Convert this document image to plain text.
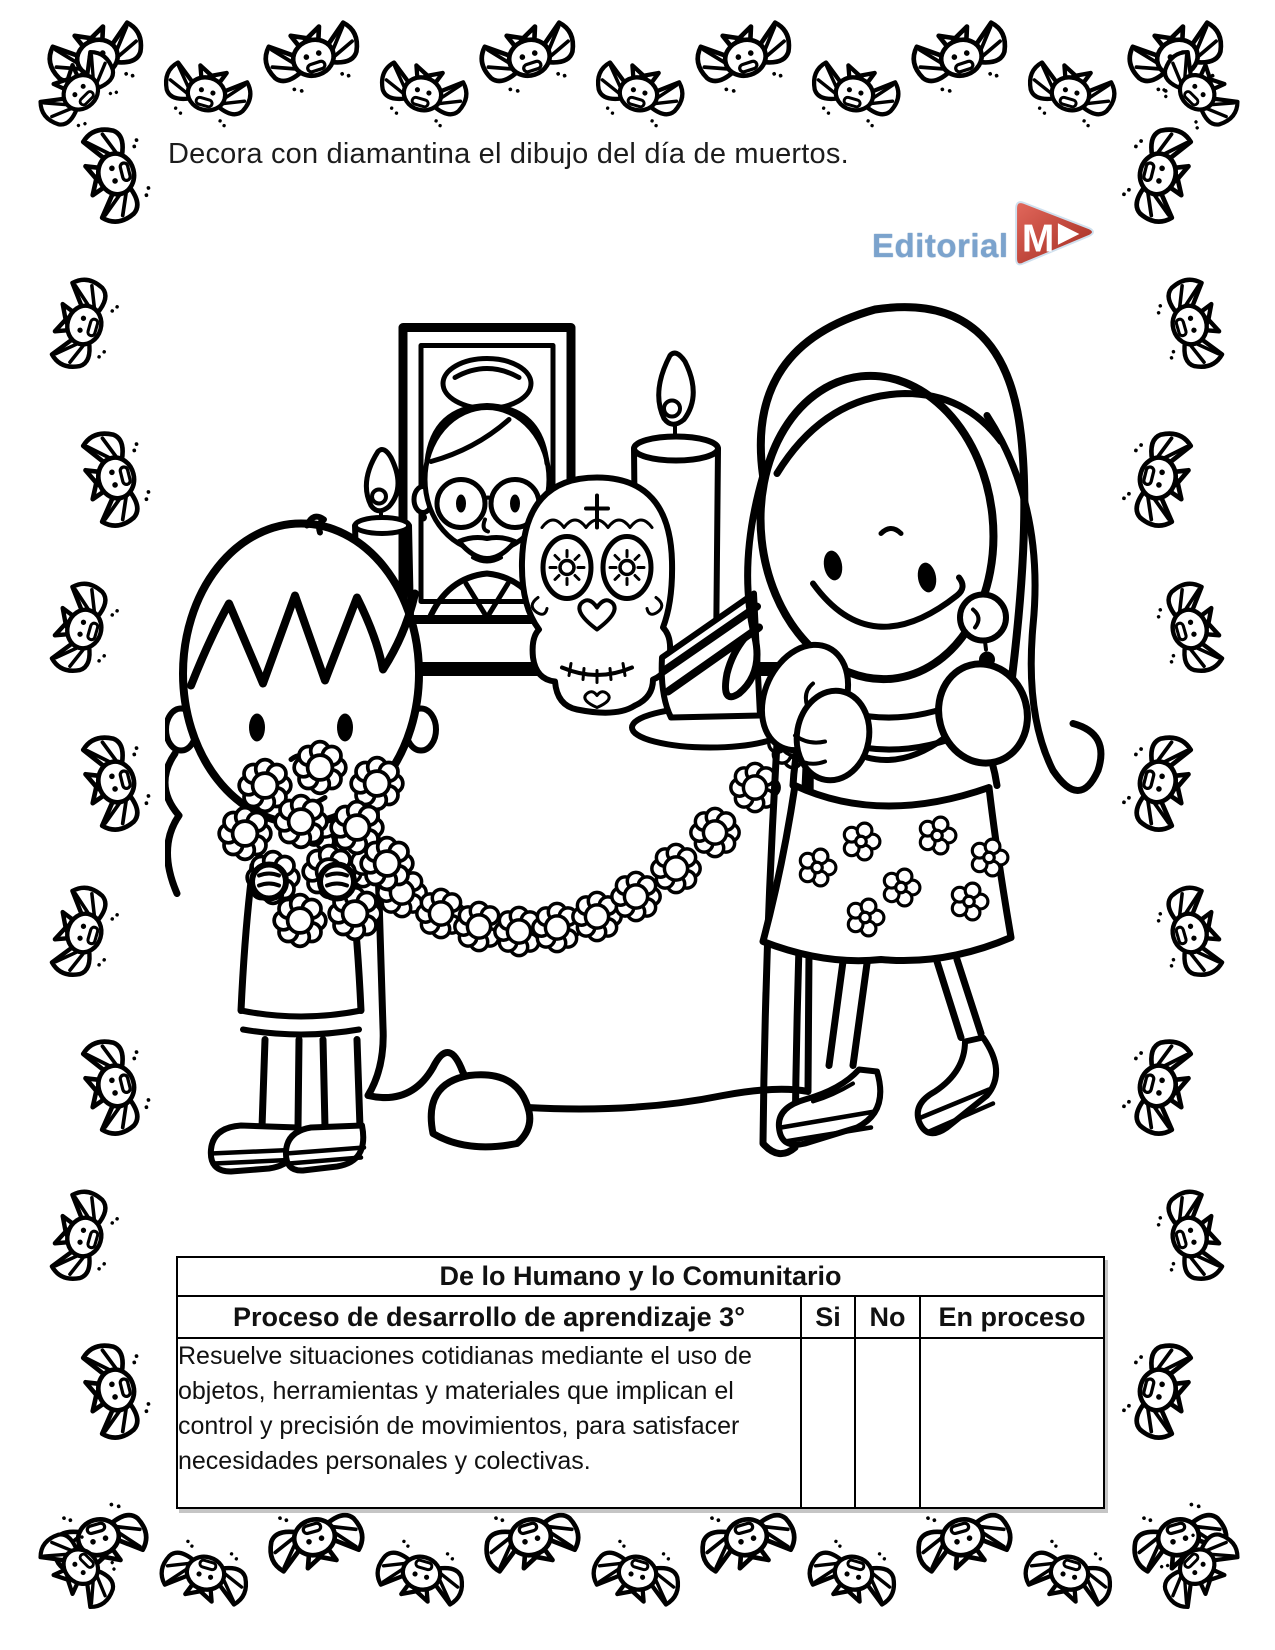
Decora con diamantina el dibujo del día de muertos.
Editorial M
De lo Humano y lo Comunitario			
Proceso de desarrollo de aprendizaje 3°	Si	No	En proceso
Resuelve situaciones cotidianas mediante el uso de objetos, herramientas y materiales que implican el control y precisión de movimientos, para satisfacer necesidades personales y colectivas.			
